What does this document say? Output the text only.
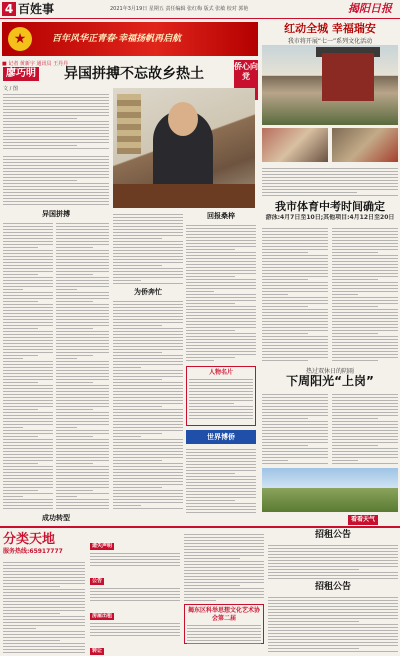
4 百姓事	2021年3月19日 星期五 责任编辑 张红梅 版式 张敏 校对 郭艳	揭阳日报
★	百年风华正青春·幸福扬帆再启航
■ 记者 黄新宇 通讯员 王丹丹
廖巧明 异国拼搏不忘故乡热土	侨心向党
文 / 图
异国拼搏
为侨奔忙
回报桑梓
人物名片
世界博侨
成功转型
红动全城 幸福瑞安
我市将开展“七一”系列文化活动
我市体育中考时间确定
游泳:4月7日至10日;其他项目:4月12日至20日
热过双休日的阴雨
下周阳光“上岗”
看看天气
分类天地
服务热线:65917777
遗失声明
公告
房屋出租
转让
揭东区科举思想文化艺术协会第二届
招租公告
招租公告
